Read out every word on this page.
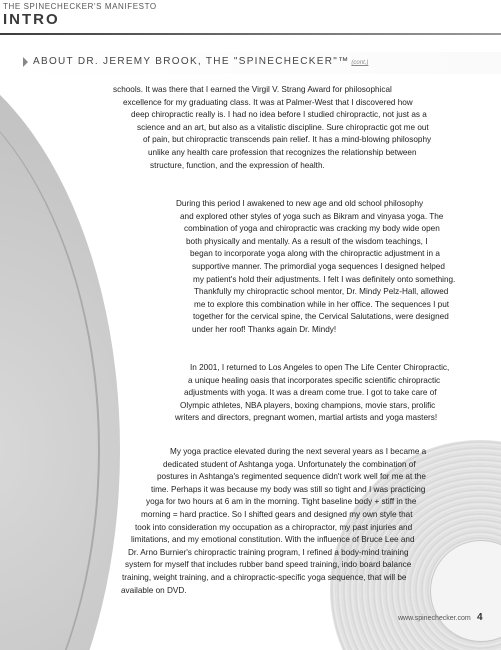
THE SPINECHECKER'S MANIFESTO
INTRO
ABOUT DR. JEREMY BROOK, THE "SPINECHECKER"™ (cont.)
schools. It was there that I earned the Virgil V. Strang Award for philosophical
excellence for my graduating class. It was at Palmer-West that I discovered how
deep chiropractic really is. I had no idea before I studied chiropractic, not just as a
science and an art, but also as a vitalistic discipline. Sure chiropractic got me out
of pain, but chiropractic transcends pain relief. It has a mind-blowing philosophy
unlike any health care profession that recognizes the relationship between
structure, function, and the expression of health.
During this period I awakened to new age and old school philosophy
and explored other styles of yoga such as Bikram and vinyasa yoga. The
combination of yoga and chiropractic was cracking my body wide open
both physically and mentally. As a result of the wisdom teachings, I
began to incorporate yoga along with the chiropractic adjustment in a
supportive manner. The primordial yoga sequences I designed helped
my patient's hold their adjustments. I felt I was definitely onto something.
Thankfully my chiropractic school mentor, Dr. Mindy Pelz-Hall, allowed
me to explore this combination while in her office. The sequences I put
together for the cervical spine, the Cervical Salutations, were designed
under her roof! Thanks again Dr. Mindy!
In 2001, I returned to Los Angeles to open The Life Center Chiropractic,
a unique healing oasis that incorporates specific scientific chiropractic
adjustments with yoga. It was a dream come true. I got to take care of
Olympic athletes, NBA players, boxing champions, movie stars, prolific
writers and directors, pregnant women, martial artists and yoga masters!
My yoga practice elevated during the next several years as I became a
dedicated student of Ashtanga yoga. Unfortunately the combination of
postures in Ashtanga's regimented sequence didn't work well for me at the
time. Perhaps it was because my body was still so tight and I was practicing
yoga for two hours at 6 am in the morning. Tight baseline body + stiff in the
morning = hard practice. So I shifted gears and designed my own style that
took into consideration my occupation as a chiropractor, my past injuries and
limitations, and my emotional constitution. With the influence of Bruce Lee and
Dr. Arno Burnier's chiropractic training program, I refined a body-mind training
system for myself that includes rubber band speed training, indo board balance
training, weight training, and a chiropractic-specific yoga sequence, that will be
available on DVD.
www.spinechecker.com 4
